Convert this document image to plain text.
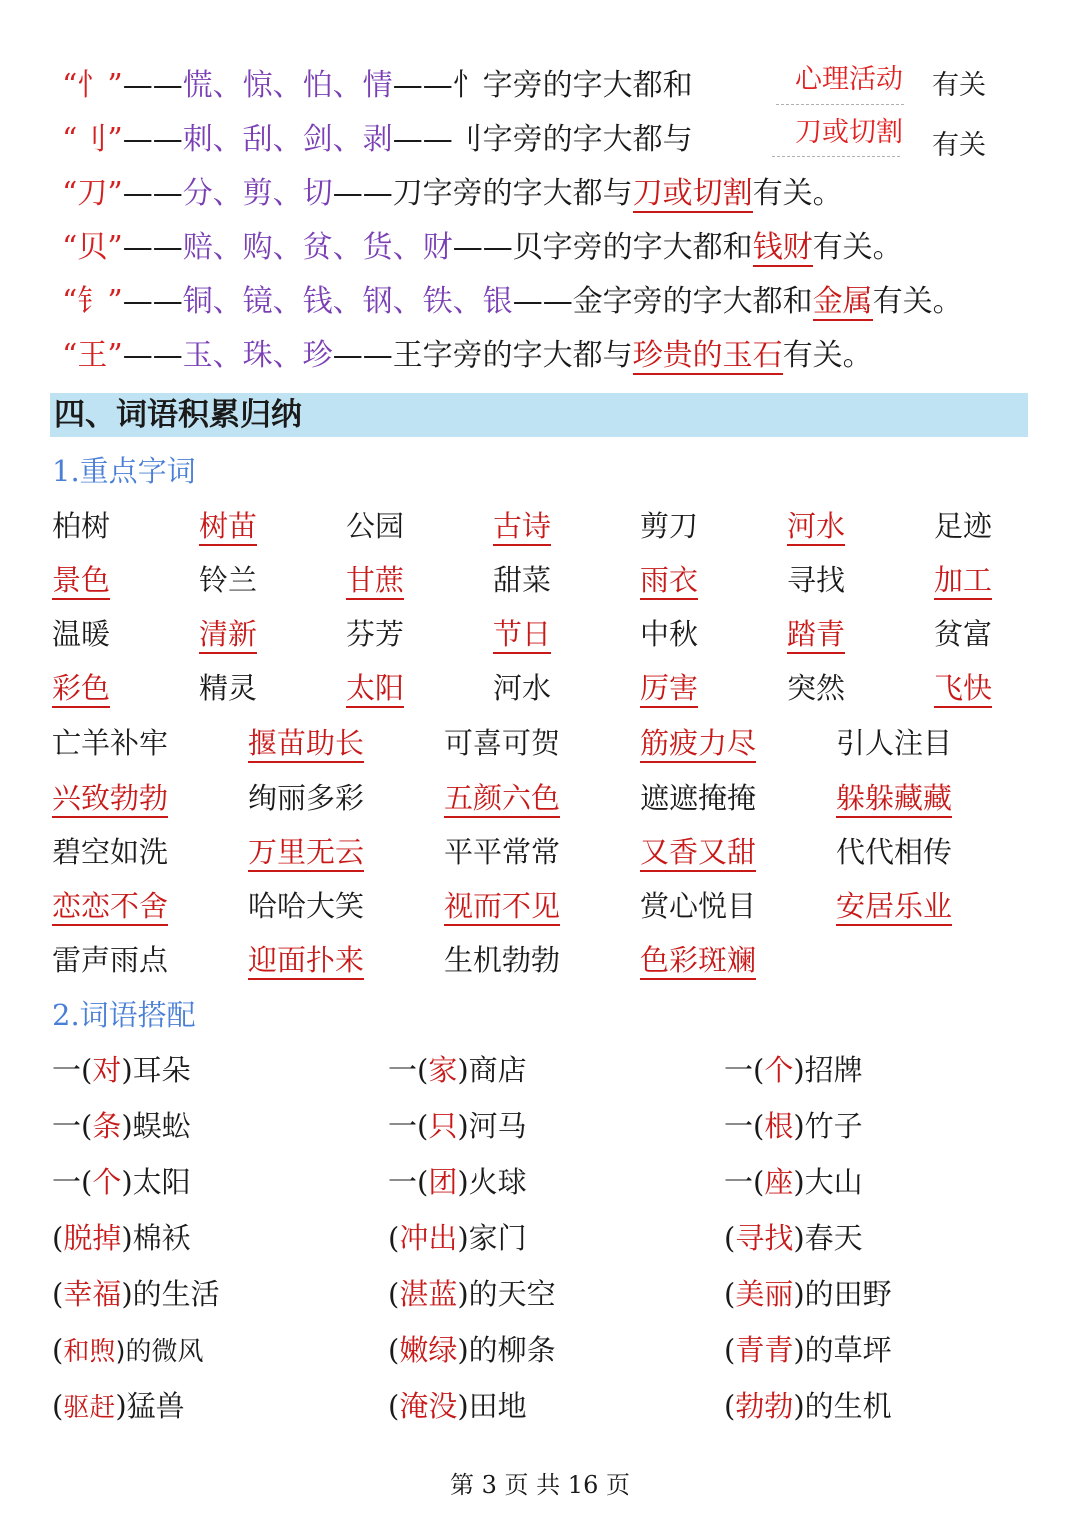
“忄”——慌、惊、怕、情——忄字旁的字大都和	心理活动 有关
“刂”——刺、刮、剑、剥——刂字旁的字大都与	刀或切割 有关
“刀”——分、剪、切——刀字旁的字大都与刀或切割有关。
“贝”——赔、购、贫、货、财——贝字旁的字大都和钱财有关。
“钅”——铜、镜、钱、钢、铁、银——金字旁的字大都和金属有关。
“王”——玉、珠、珍——王字旁的字大都与珍贵的玉石有关。
四、词语积累归纳
1.重点字词
柏树	树苗	公园	古诗	剪刀	河水	足迹
景色	铃兰	甘蔗	甜菜	雨衣	寻找	加工
温暖	清新	芬芳	节日	中秋	踏青	贫富
彩色	精灵	太阳	河水	厉害	突然	飞快
亡羊补牢	揠苗助长	可喜可贺	筋疲力尽	引人注目
兴致勃勃	绚丽多彩	五颜六色	遮遮掩掩	躲躲藏藏
碧空如洗	万里无云	平平常常	又香又甜	代代相传
恋恋不舍	哈哈大笑	视而不见	赏心悦目	安居乐业
雷声雨点	迎面扑来	生机勃勃	色彩斑斓
2.词语搭配
一(对)耳朵	一(家)商店	一(个)招牌
一(条)蜈蚣	一(只)河马	一(根)竹子
一(个)太阳	一(团)火球	一(座)大山
(脱掉)棉袄	(冲出)家门	(寻找)春天
(幸福)的生活	(湛蓝)的天空	(美丽)的田野
(和煦)的微风	(嫩绿)的柳条	(青青)的草坪
(驱赶)猛兽	(淹没)田地	(勃勃)的生机
第 3 页 共 16 页
